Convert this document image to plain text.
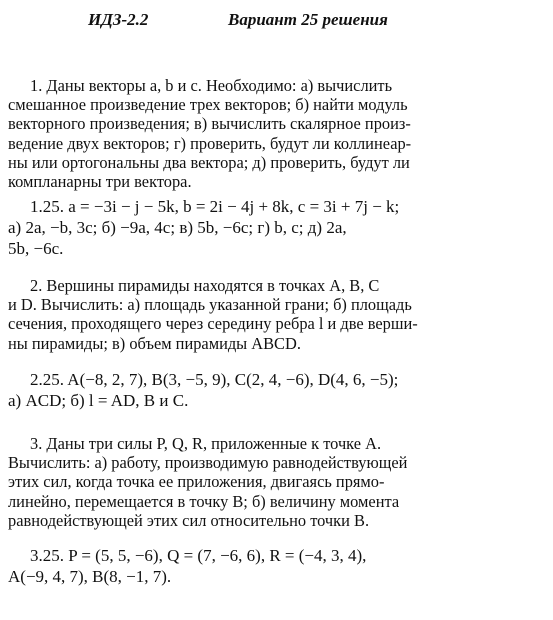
ИДЗ-2.2	Вариант 25 решения
1. Даны векторы a, b и c. Необходимо: а) вычислить
смешанное произведение трех векторов; б) найти модуль
векторного произведения; в) вычислить скалярное произ-
ведение двух векторов; г) проверить, будут ли коллинеар-
ны или ортогональны два вектора; д) проверить, будут ли
компланарны три вектора.
1.25. a = −3i − j − 5k, b = 2i − 4j + 8k, c = 3i + 7j − k;
а) 2a, −b, 3c; б) −9a, 4c; в) 5b, −6c; г) b, c; д) 2a,
5b, −6c.
2. Вершины пирамиды находятся в точках A, B, C
и D. Вычислить: а) площадь указанной грани; б) площадь
сечения, проходящего через середину ребра l и две верши-
ны пирамиды; в) объем пирамиды ABCD.
2.25. A(−8, 2, 7), B(3, −5, 9), C(2, 4, −6), D(4, 6, −5);
а) ACD; б) l = AD, B и C.
3. Даны три силы P, Q, R, приложенные к точке A.
Вычислить: а) работу, производимую равнодействующей
этих сил, когда точка ее приложения, двигаясь прямо-
линейно, перемещается в точку B; б) величину момента
равнодействующей этих сил относительно точки B.
3.25. P = (5, 5, −6), Q = (7, −6, 6), R = (−4, 3, 4),
A(−9, 4, 7), B(8, −1, 7).
